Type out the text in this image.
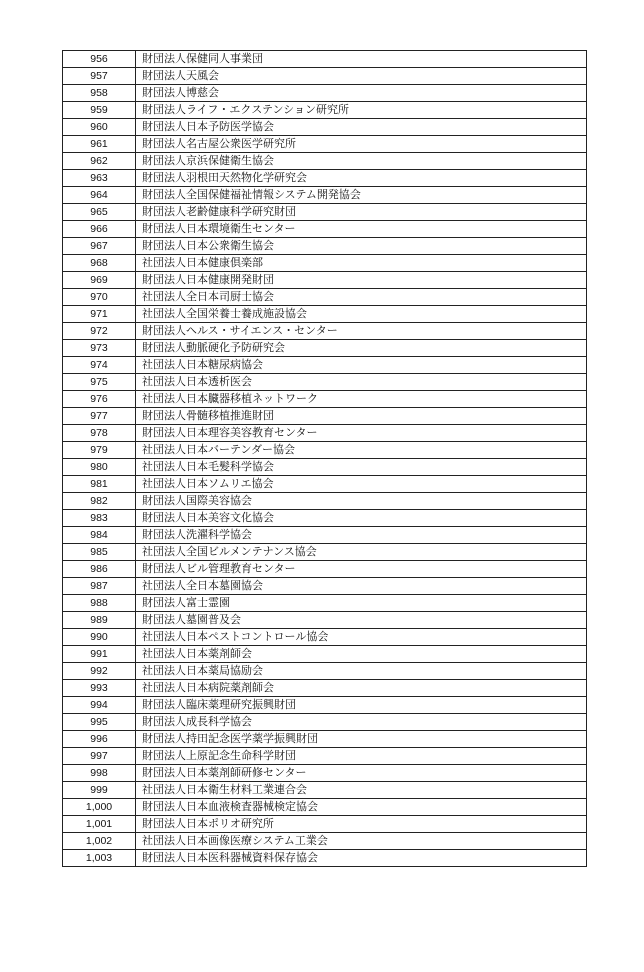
956	財団法人保健同人事業団
957	財団法人天風会
958	財団法人博慈会
959	財団法人ライフ・エクステンション研究所
960	財団法人日本予防医学協会
961	財団法人名古屋公衆医学研究所
962	財団法人京浜保健衛生協会
963	財団法人羽根田天然物化学研究会
964	財団法人全国保健福祉情報システム開発協会
965	財団法人老齢健康科学研究財団
966	財団法人日本環境衛生センター
967	財団法人日本公衆衛生協会
968	社団法人日本健康倶楽部
969	財団法人日本健康開発財団
970	社団法人全日本司厨士協会
971	社団法人全国栄養士養成施設協会
972	財団法人ヘルス・サイエンス・センター
973	財団法人動脈硬化予防研究会
974	社団法人日本糖尿病協会
975	社団法人日本透析医会
976	社団法人日本臓器移植ネットワーク
977	財団法人骨髄移植推進財団
978	財団法人日本理容美容教育センター
979	社団法人日本バーテンダー協会
980	社団法人日本毛髪科学協会
981	社団法人日本ソムリエ協会
982	財団法人国際美容協会
983	財団法人日本美容文化協会
984	財団法人洗濯科学協会
985	社団法人全国ビルメンテナンス協会
986	財団法人ビル管理教育センター
987	社団法人全日本墓園協会
988	財団法人富士霊園
989	財団法人墓園普及会
990	社団法人日本ペストコントロール協会
991	社団法人日本薬剤師会
992	社団法人日本薬局協励会
993	社団法人日本病院薬剤師会
994	財団法人臨床薬理研究振興財団
995	財団法人成長科学協会
996	財団法人持田記念医学薬学振興財団
997	財団法人上原記念生命科学財団
998	財団法人日本薬剤師研修センター
999	社団法人日本衛生材料工業連合会
1,000	財団法人日本血液検査器械検定協会
1,001	財団法人日本ポリオ研究所
1,002	社団法人日本画像医療システム工業会
1,003	財団法人日本医科器械資料保存協会
